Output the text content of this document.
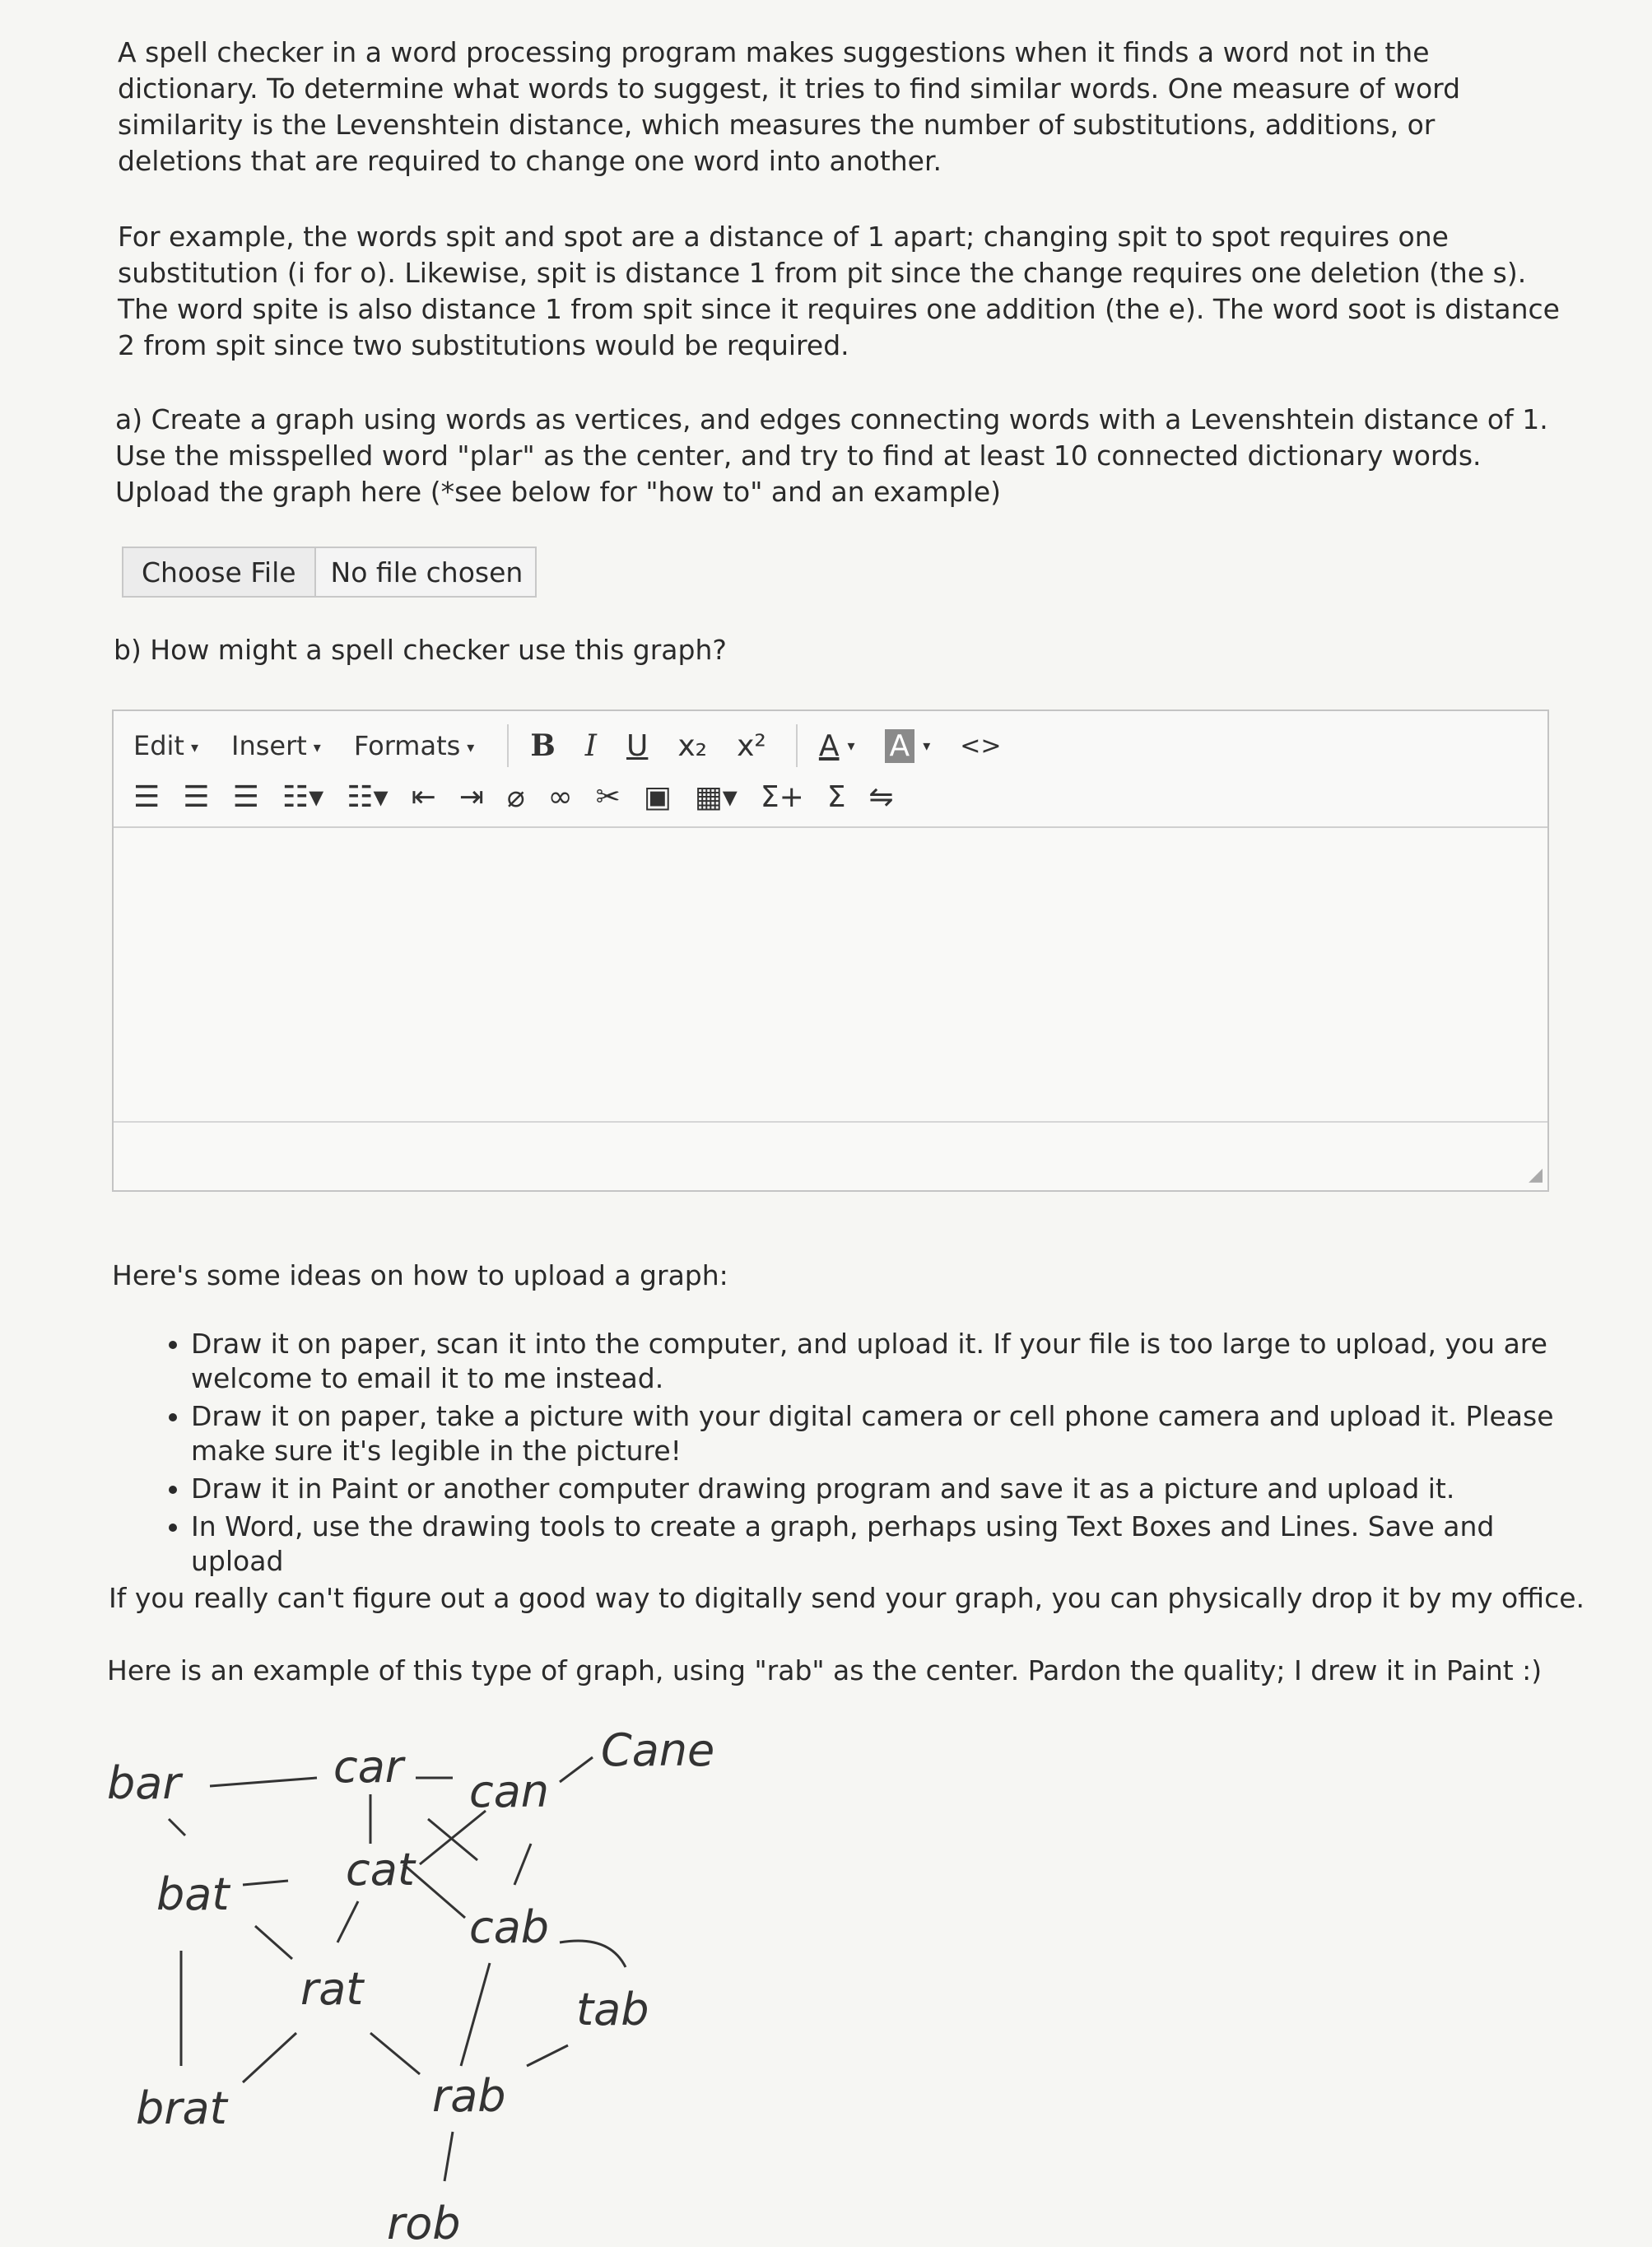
A spell checker in a word processing program makes suggestions when it finds a word not in the dictionary. To determine what words to suggest, it tries to find similar words. One measure of word similarity is the Levenshtein distance, which measures the number of substitutions, additions, or deletions that are required to change one word into another.

For example, the words spit and spot are a distance of 1 apart; changing spit to spot requires one substitution (i for o). Likewise, spit is distance 1 from pit since the change requires one deletion (the s). The word spite is also distance 1 from spit since it requires one addition (the e). The word soot is distance 2 from spit since two substitutions would be required.

a) Create a graph using words as vertices, and edges connecting words with a Levenshtein distance of 1. Use the misspelled word "plar" as the center, and try to find at least 10 connected dictionary words. Upload the graph here (*see below for "how to" and an example)

Choose File	No file chosen
b) How might a spell checker use this graph?
Edit ▾ Insert ▾ Formats ▾ B I U x₂ x² A ▾ A ▾ <>
☰ ☰ ☰ ☷▾ ☷▾ ⇤ ⇥ ⌀ ∞ ✂ ▣ ▦▾ Σ+ Σ ⇋
◢
Here's some ideas on how to upload a graph:
• Draw it on paper, scan it into the computer, and upload it. If your file is too large to upload, you are welcome to email it to me instead.
• Draw it on paper, take a picture with your digital camera or cell phone camera and upload it. Please make sure it's legible in the picture!
• Draw it in Paint or another computer drawing program and save it as a picture and upload it.
• In Word, use the drawing tools to create a graph, perhaps using Text Boxes and Lines. Save and upload
If you really can't figure out a good way to digitally send your graph, you can physically drop it by my office.
Here is an example of this type of graph, using "rab" as the center. Pardon the quality; I drew it in Paint :)
bar	car can
Cane
bat	cat
cab
rat	tab
brat	rab
rob
